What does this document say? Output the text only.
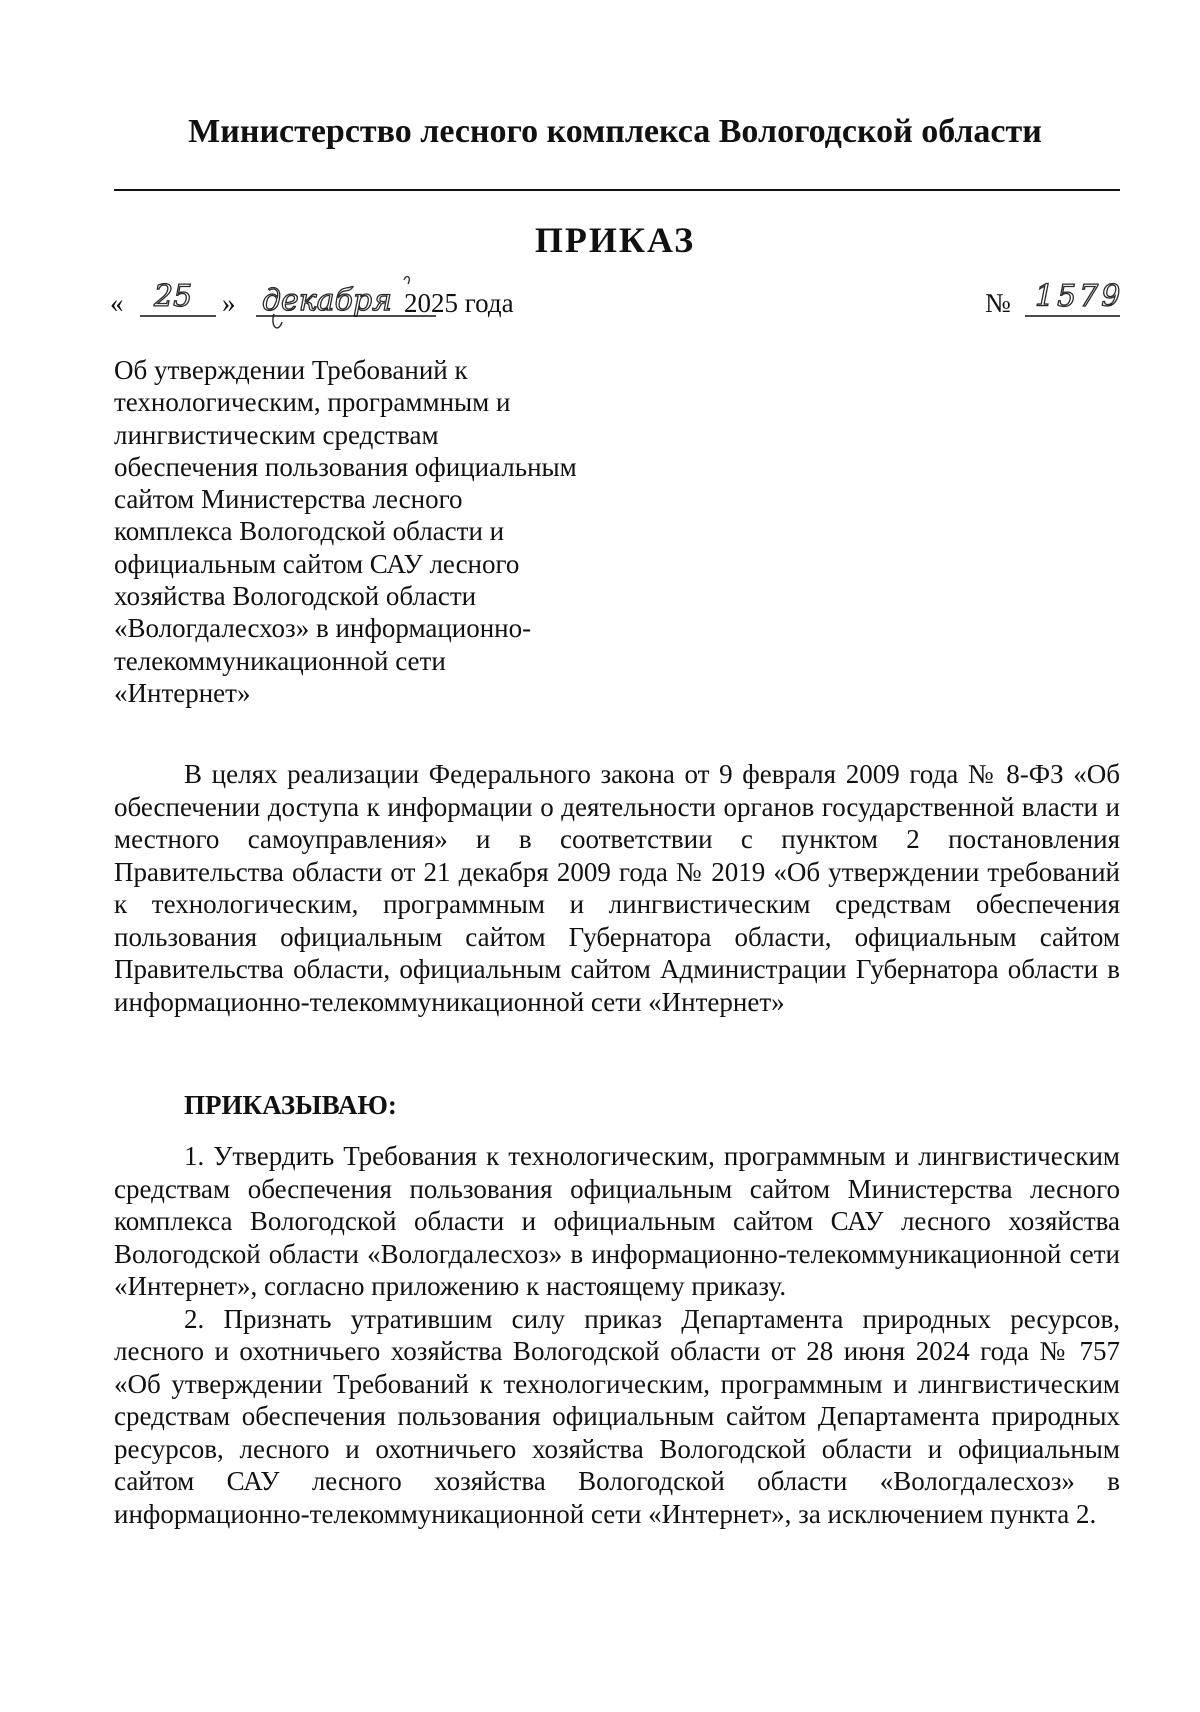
Министерство лесного комплекса Вологодской области
ПРИКАЗ
« 25 » декабря 2025 года	№ 1579
Об утверждении Требований к
технологическим, программным и
лингвистическим средствам
обеспечения пользования официальным
сайтом Министерства лесного
комплекса Вологодской области и
официальным сайтом САУ лесного
хозяйства Вологодской области
«Вологдалесхоз» в информационно-
телекоммуникационной сети
«Интернет»

В целях реализации Федерального закона от 9 февраля 2009 года № 8-ФЗ «Об обеспечении доступа к информации о деятельности органов государственной власти и местного самоуправления» и в соответствии с пунктом 2 постановления Правительства области от 21 декабря 2009 года № 2019 «Об утверждении требований к технологическим, программным и лингвистическим средствам обеспечения пользования официальным сайтом Губернатора области, официальным сайтом Правительства области, официальным сайтом Администрации Губернатора области в информационно-телекоммуникационной сети «Интернет»

ПРИКАЗЫВАЮ:

1. Утвердить Требования к технологическим, программным и лингвистическим средствам обеспечения пользования официальным сайтом Министерства лесного комплекса Вологодской области и официальным сайтом САУ лесного хозяйства Вологодской области «Вологдалесхоз» в информационно-телекоммуникационной сети «Интернет», согласно приложению к настоящему приказу.

2. Признать утратившим силу приказ Департамента природных ресурсов, лесного и охотничьего хозяйства Вологодской области от 28 июня 2024 года № 757 «Об утверждении Требований к технологическим, программным и лингвистическим средствам обеспечения пользования официальным сайтом Департамента природных ресурсов, лесного и охотничьего хозяйства Вологодской области и официальным сайтом САУ лесного хозяйства Вологодской области «Вологдалесхоз» в информационно-телекоммуникационной сети «Интернет», за исключением пункта 2.
